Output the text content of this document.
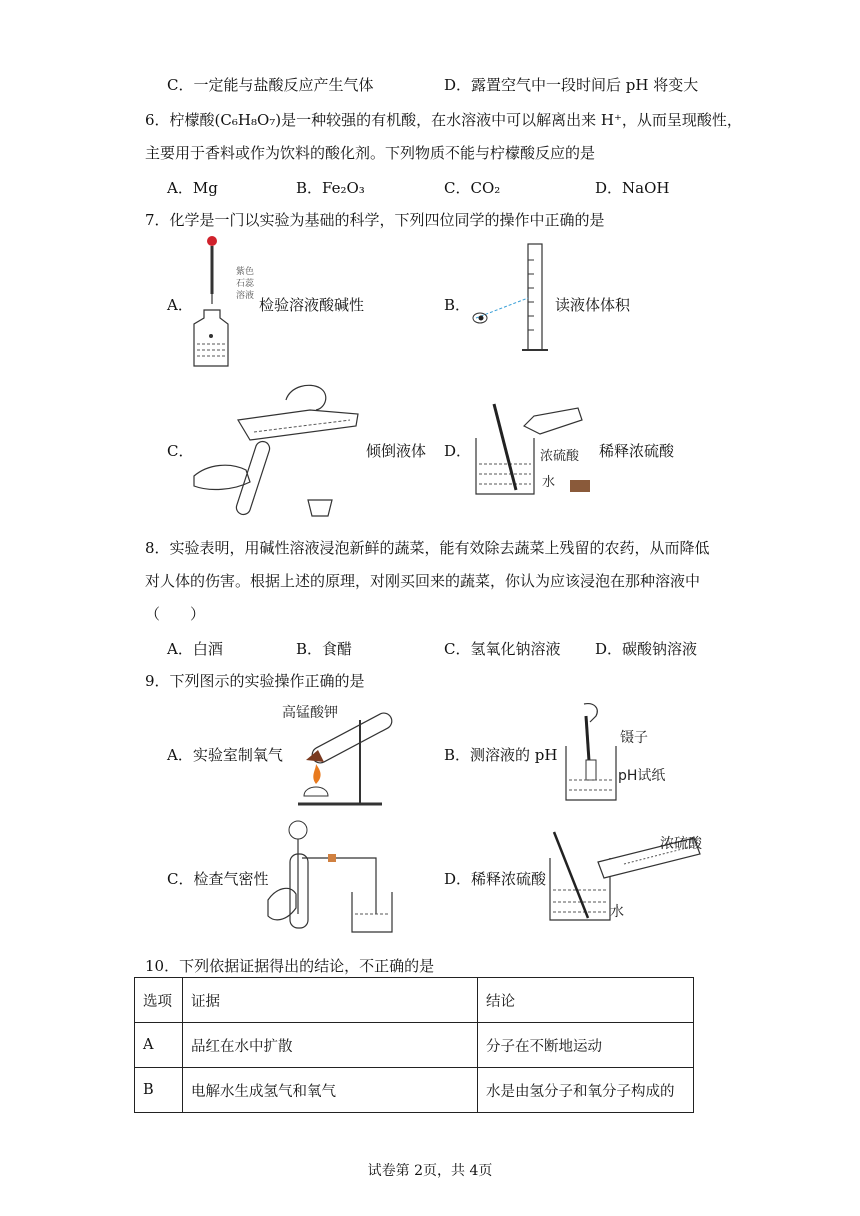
C．一定能与盐酸反应产生气体	D．露置空气中一段时间后 pH 将变大
6．柠檬酸(C₆H₈O₇)是一种较强的有机酸，在水溶液中可以解离出来 H⁺，从而呈现酸性，
主要用于香料或作为饮料的酸化剂。下列物质不能与柠檬酸反应的是
A．Mg	B．Fe₂O₃	C．CO₂	D．NaOH
7．化学是一门以实验为基础的科学，下列四位同学的操作中正确的是
A．
紫色
石蕊
溶液 检验溶液酸碱性	B．	读液体体积
C．	倾倒液体 D．	浓硫酸
水
稀释浓硫酸
8．实验表明，用碱性溶液浸泡新鲜的蔬菜，能有效除去蔬菜上残留的农药，从而降低
对人体的伤害。根据上述的原理，对刚买回来的蔬菜，你认为应该浸泡在那种溶液中
（　　）
A．白酒	B．食醋	C．氢氧化钠溶液 D．碳酸钠溶液
9．下列图示的实验操作正确的是
A．实验室制氧气
高锰酸钾
B．测溶液的 pH
镊子
pH试纸
C．检查气密性	D．稀释浓硫酸
浓硫酸
水
10．下列依据证据得出的结论，不正确的是
选项	证据	结论
A	品红在水中扩散	分子在不断地运动
B	电解水生成氢气和氧气	水是由氢分子和氧分子构成的
试卷第 2页，共 4页
